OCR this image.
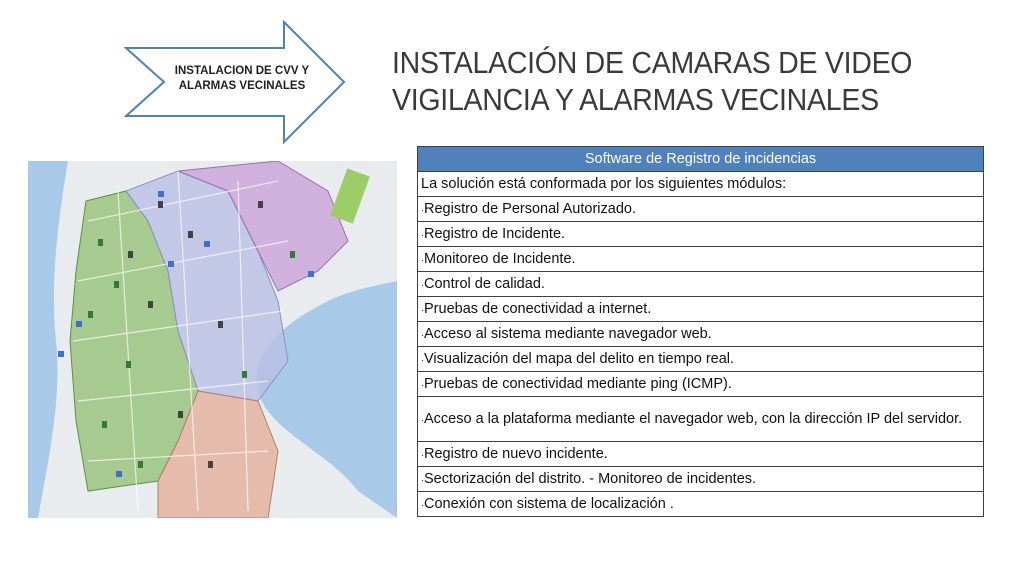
INSTALACION DE CVV Y
ALARMAS VECINALES
INSTALACIÓN DE CAMARAS DE VIDEO
VIGILANCIA Y ALARMAS VECINALES
Software de Registro de incidencias
La solución está conformada por los siguientes módulos:
·Registro de Personal Autorizado.
·Registro de Incidente.
·Monitoreo de Incidente.
·Control de calidad.
·Pruebas de conectividad a internet.
·Acceso al sistema mediante navegador web.
·Visualización del mapa del delito en tiempo real.
·Pruebas de conectividad mediante ping (ICMP).
·Acceso a la plataforma mediante el navegador web, con la dirección IP del servidor.
·Registro de nuevo incidente.
·Sectorización del distrito. - Monitoreo de incidentes.
·Conexión con sistema de localización .
